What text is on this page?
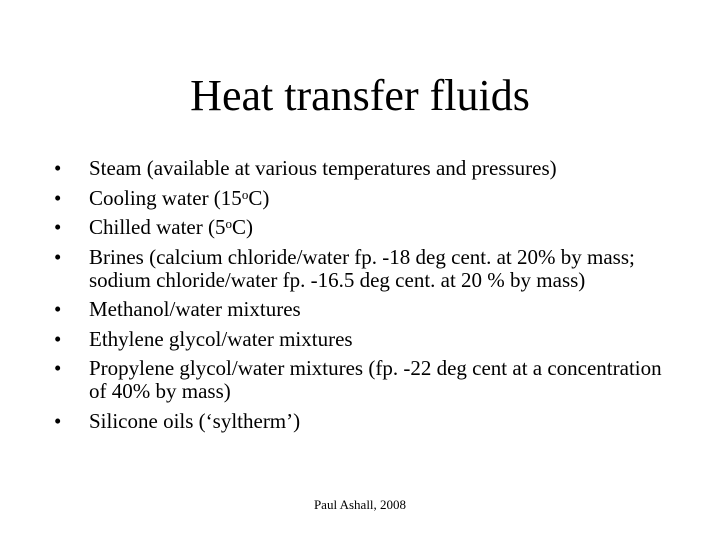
Heat transfer fluids
•	Steam (available at various temperatures and pressures)
•	Cooling water (15$^o$C)
•	Chilled water (5$^o$C)
•	Brines (calcium chloride/water fp. -18 deg cent. at 20% by mass; sodium chloride/water fp. -16.5 deg cent. at 20 % by mass)
•	Methanol/water mixtures
•	Ethylene glycol/water mixtures
•	Propylene glycol/water mixtures (fp. -22 deg cent at a concentration of 40% by mass)
•	Silicone oils (‘syltherm’)
Paul Ashall, 2008
